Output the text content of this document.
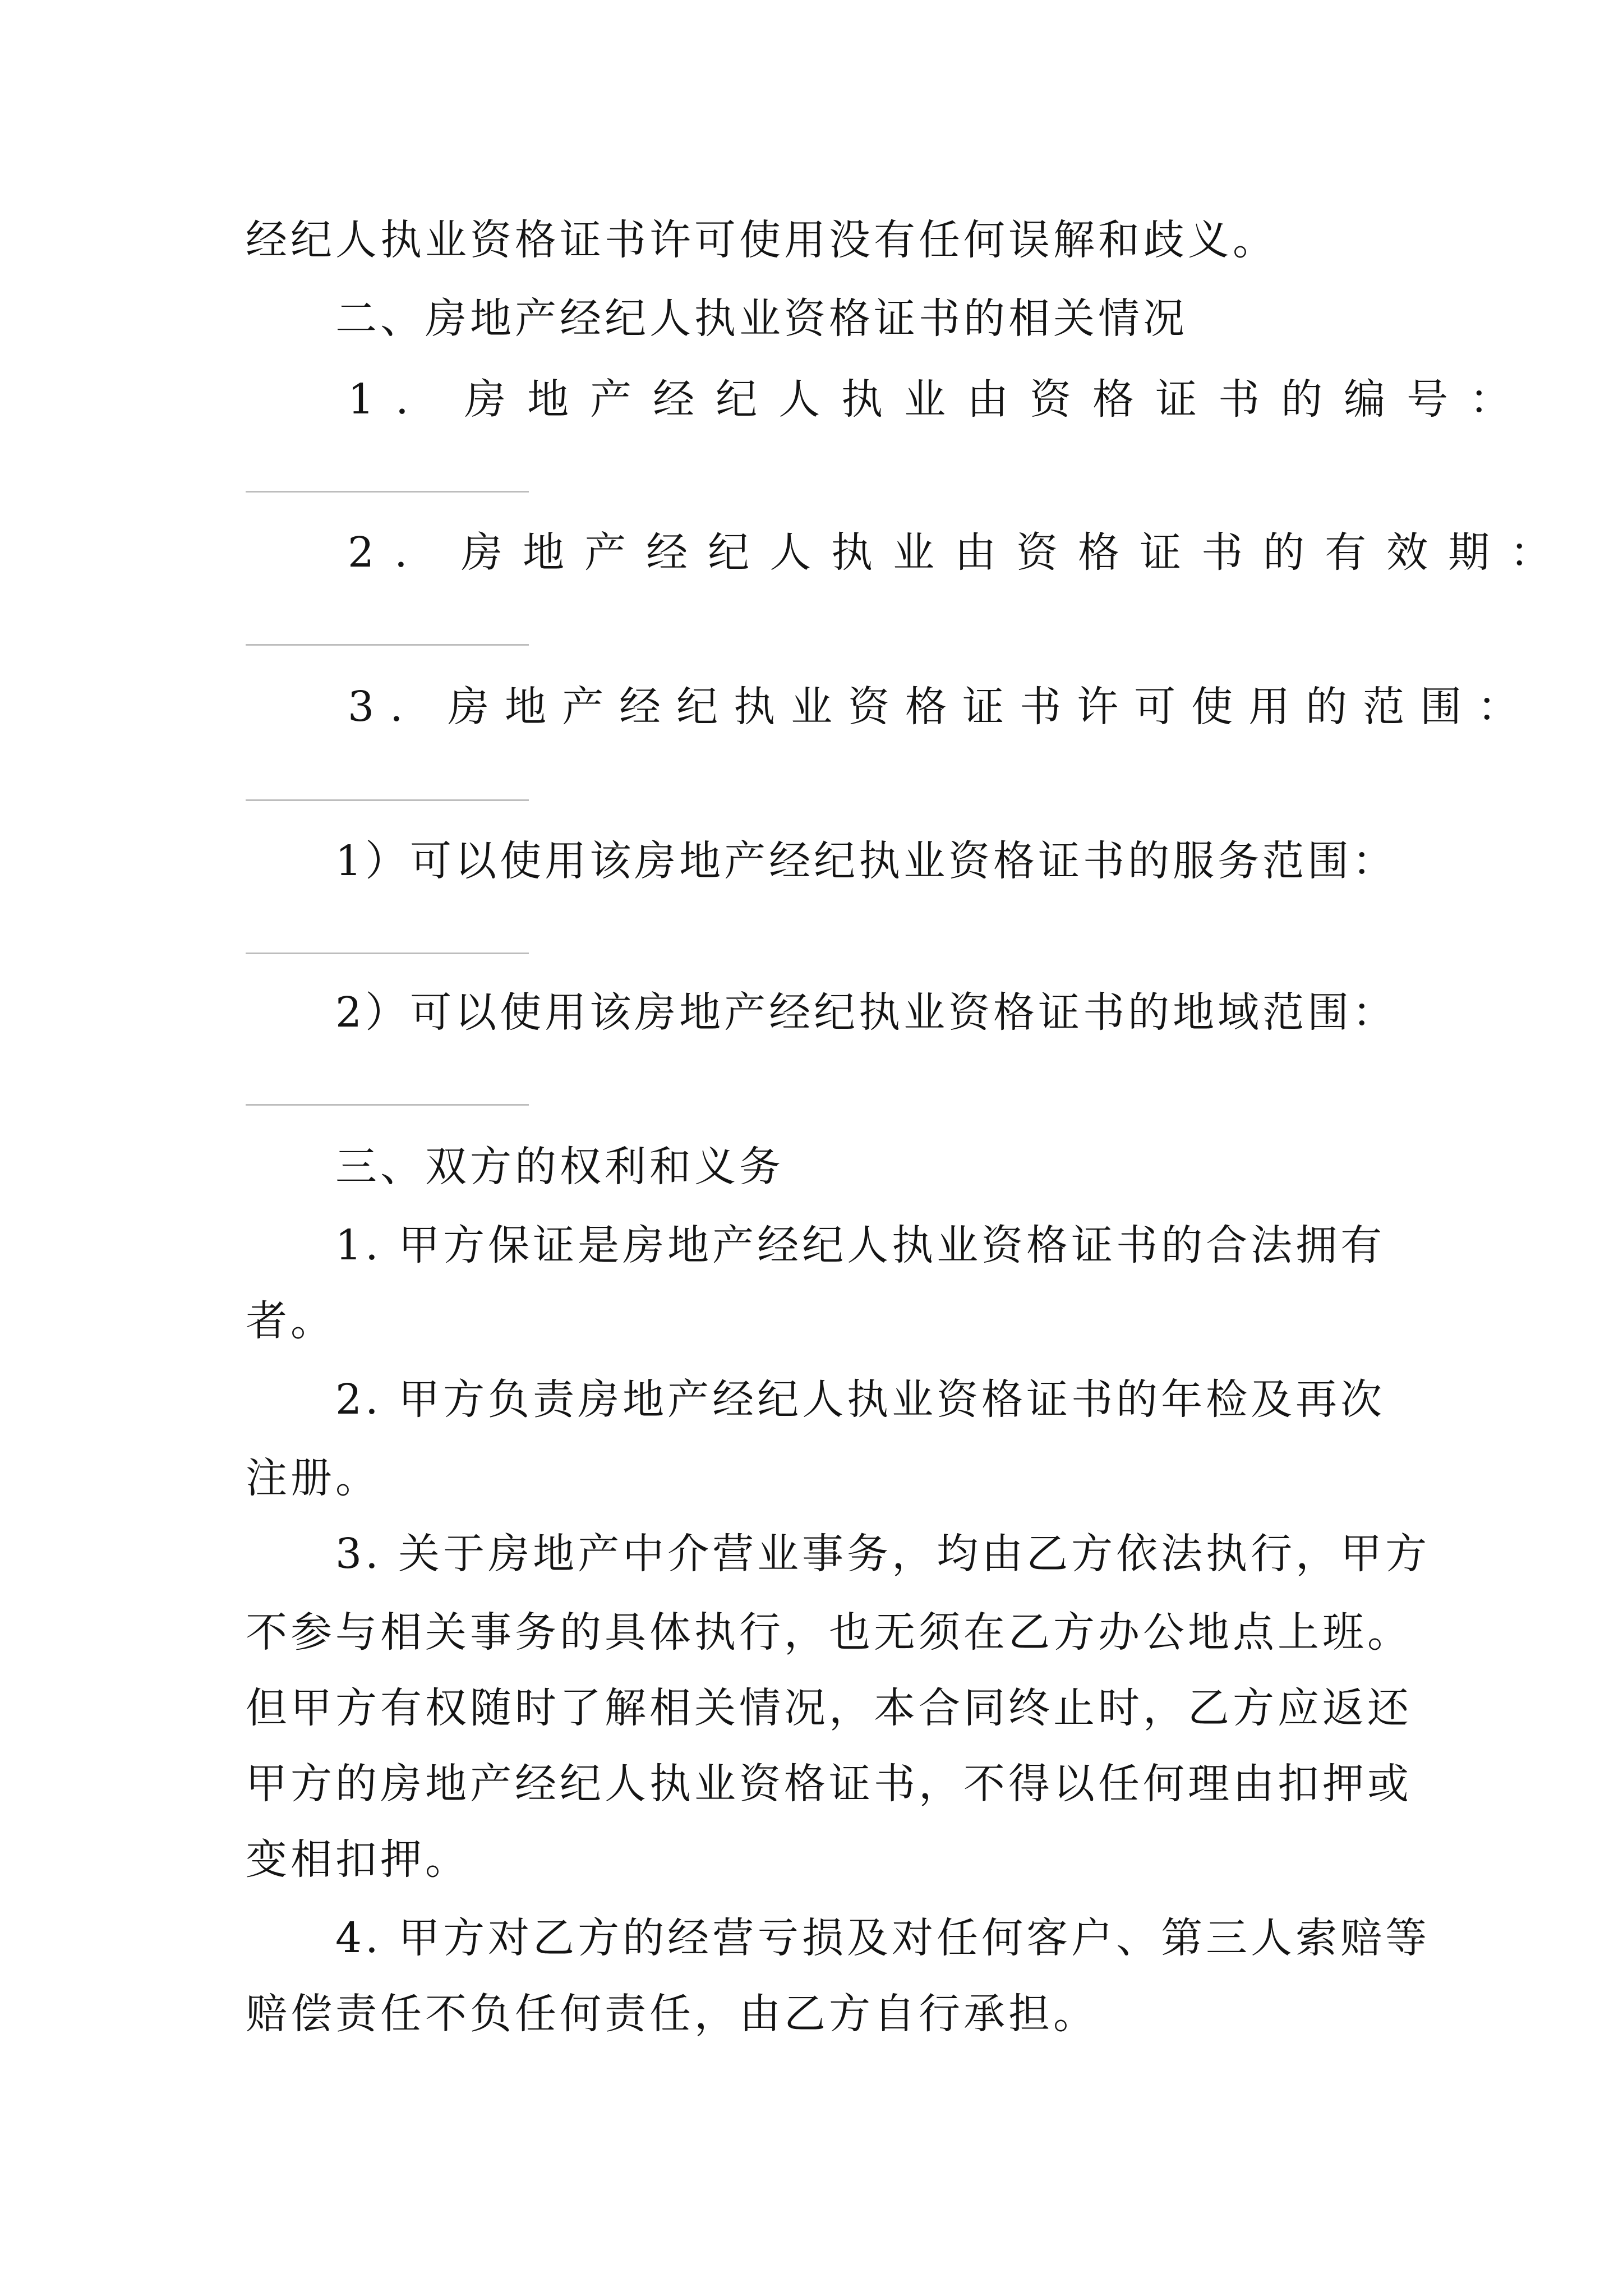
经纪人执业资格证书许可使用没有任何误解和歧义。
二、房地产经纪人执业资格证书的相关情况
1. 房地产经纪人执业由资格证书的编号：
2. 房地产经纪人执业由资格证书的有效期：
3. 房地产经纪执业资格证书许可使用的范围：
1）可以使用该房地产经纪执业资格证书的服务范围：
2）可以使用该房地产经纪执业资格证书的地域范围：
三、双方的权利和义务
1. 甲方保证是房地产经纪人执业资格证书的合法拥有
者。
2. 甲方负责房地产经纪人执业资格证书的年检及再次
注册。
3. 关于房地产中介营业事务，均由乙方依法执行，甲方
不参与相关事务的具体执行，也无须在乙方办公地点上班。
但甲方有权随时了解相关情况，本合同终止时，乙方应返还
甲方的房地产经纪人执业资格证书，不得以任何理由扣押或
变相扣押。
4. 甲方对乙方的经营亏损及对任何客户、第三人索赔等
赔偿责任不负任何责任，由乙方自行承担。
